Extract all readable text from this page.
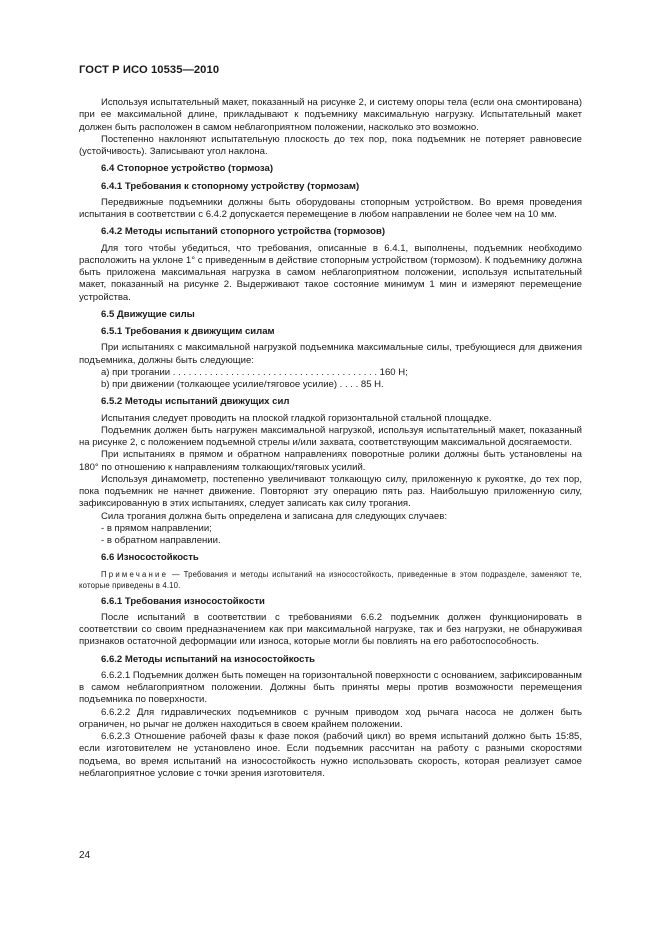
ГОСТ Р ИСО 10535—2010

Используя испытательный макет, показанный на рисунке 2, и систему опоры тела (если она смонтирована) при ее максимальной длине, прикладывают к подъемнику максимальную нагрузку. Испытательный макет должен быть расположен в самом неблагоприятном положении, насколько это возможно.

Постепенно наклоняют испытательную плоскость до тех пор, пока подъемник не потеряет равновесие (устойчивость). Записывают угол наклона.

6.4 Стопорное устройство (тормоза)
6.4.1 Требования к стопорному устройству (тормозам)

Передвижные подъемники должны быть оборудованы стопорным устройством. Во время проведения испытания в соответствии с 6.4.2 допускается перемещение в любом направлении не более чем на 10 мм.

6.4.2 Методы испытаний стопорного устройства (тормозов)

Для того чтобы убедиться, что требования, описанные в 6.4.1, выполнены, подъемник необходимо расположить на уклоне 1° с приведенным в действие стопорным устройством (тормозом). К подъемнику должна быть приложена максимальная нагрузка в самом неблагоприятном положении, используя испытательный макет, показанный на рисунке 2. Выдерживают такое состояние минимум 1 мин и измеряют перемещение устройства.

6.5 Движущие силы
6.5.1 Требования к движущим силам

При испытаниях с максимальной нагрузкой подъемника максимальные силы, требующиеся для движения подъемника, должны быть следующие:

a) при трогании . . . . . . . . . . . . . . . . . . . . . . . . . . . . . . . . . . . . . . . 160 Н;

b) при движении (толкающее усилие/тяговое усилие) . . . . 85 Н.

6.5.2 Методы испытаний движущих сил

Испытания следует проводить на плоской гладкой горизонтальной стальной площадке.

Подъемник должен быть нагружен максимальной нагрузкой, используя испытательный макет, показанный на рисунке 2, с положением подъемной стрелы и/или захвата, соответствующим максимальной досягаемости.

При испытаниях в прямом и обратном направлениях поворотные ролики должны быть установлены на 180° по отношению к направлениям толкающих/тяговых усилий.

Используя динамометр, постепенно увеличивают толкающую силу, приложенную к рукоятке, до тех пор, пока подъемник не начнет движение. Повторяют эту операцию пять раз. Наибольшую приложенную силу, зафиксированную в этих испытаниях, следует записать как силу трогания.

Сила трогания должна быть определена и записана для следующих случаев:

- в прямом направлении;

- в обратном направлении.

6.6 Износостойкость

Примечание — Требования и методы испытаний на износостойкость, приведенные в этом подразделе, заменяют те, которые приведены в 4.10.

6.6.1 Требования износостойкости

После испытаний в соответствии с требованиями 6.6.2 подъемник должен функционировать в соответствии со своим предназначением как при максимальной нагрузке, так и без нагрузки, не обнаруживая признаков остаточной деформации или износа, которые могли бы повлиять на его работоспособность.

6.6.2 Методы испытаний на износостойкость

6.6.2.1 Подъемник должен быть помещен на горизонтальной поверхности с основанием, зафиксированным в самом неблагоприятном положении. Должны быть приняты меры против возможности перемещения подъемника по поверхности.

6.6.2.2 Для гидравлических подъемников с ручным приводом ход рычага насоса не должен быть ограничен, но рычаг не должен находиться в своем крайнем положении.

6.6.2.3 Отношение рабочей фазы к фазе покоя (рабочий цикл) во время испытаний должно быть 15:85, если изготовителем не установлено иное. Если подъемник рассчитан на работу с разными скоростями подъема, во время испытаний на износостойкость нужно использовать скорость, которая реализует самое неблагоприятное условие с точки зрения изготовителя.

24
